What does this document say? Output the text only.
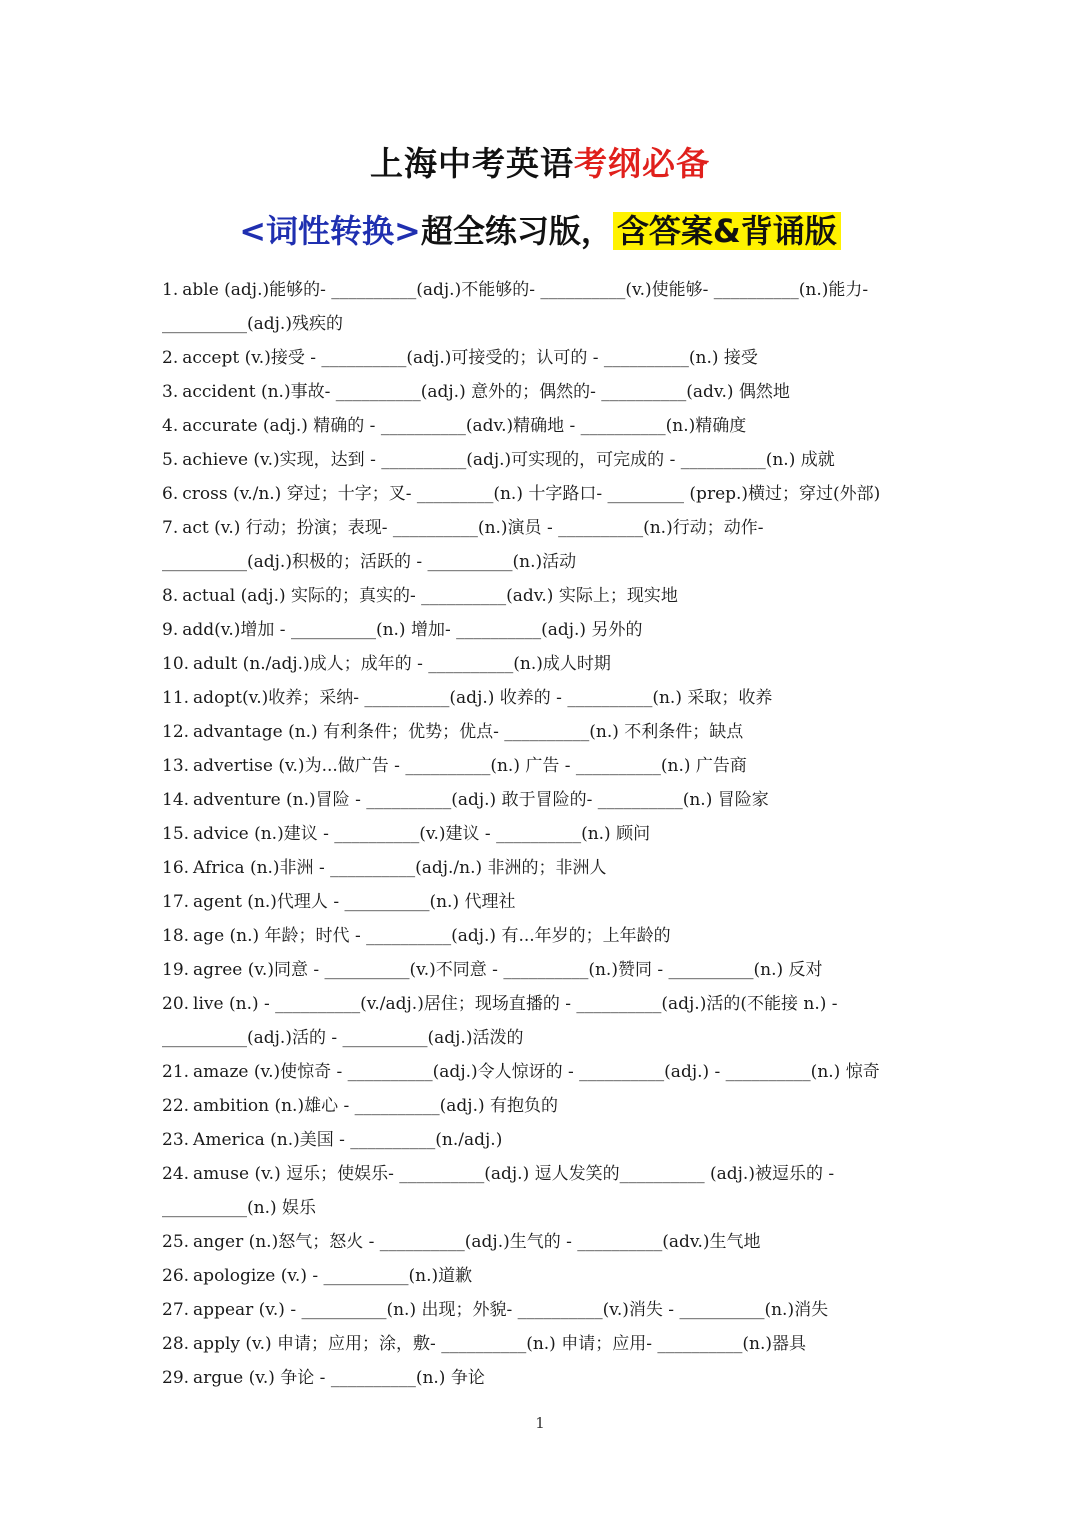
上海中考英语考纲必备
<词性转换>超全练习版， 含答案&背诵版
1. able (adj.)能够的- __________(adj.)不能够的- __________(v.)使能够- __________(n.)能力-
__________(adj.)残疾的
2. accept (v.)接受 - __________(adj.)可接受的；认可的 - __________(n.) 接受
3. accident (n.)事故- __________(adj.) 意外的；偶然的- __________(adv.) 偶然地
4. accurate (adj.) 精确的 - __________(adv.)精确地 - __________(n.)精确度
5. achieve (v.)实现，达到 - __________(adj.)可实现的，可完成的 - __________(n.) 成就
6. cross (v./n.) 穿过；十字；叉- _________(n.) 十字路口- _________ (prep.)横过；穿过(外部)
7. act (v.) 行动；扮演；表现- __________(n.)演员 - __________(n.)行动；动作-
__________(adj.)积极的；活跃的 - __________(n.)活动
8. actual (adj.) 实际的；真实的- __________(adv.) 实际上；现实地
9. add(v.)增加 - __________(n.) 增加- __________(adj.) 另外的
10. adult (n./adj.)成人；成年的 - __________(n.)成人时期
11. adopt(v.)收养；采纳- __________(adj.) 收养的 - __________(n.) 采取；收养
12. advantage (n.) 有利条件；优势；优点- __________(n.) 不利条件；缺点
13. advertise (v.)为...做广告 - __________(n.) 广告 - __________(n.) 广告商
14. adventure (n.)冒险 - __________(adj.) 敢于冒险的- __________(n.) 冒险家
15. advice (n.)建议 - __________(v.)建议 - __________(n.) 顾问
16. Africa (n.)非洲 - __________(adj./n.) 非洲的；非洲人
17. agent (n.)代理人 - __________(n.) 代理社
18. age (n.) 年龄；时代 - __________(adj.) 有...年岁的；上年龄的
19. agree (v.)同意 - __________(v.)不同意 - __________(n.)赞同 - __________(n.) 反对
20. live (n.) - __________(v./adj.)居住；现场直播的 - __________(adj.)活的(不能接 n.) -
__________(adj.)活的 - __________(adj.)活泼的
21. amaze (v.)使惊奇 - __________(adj.)令人惊讶的 - __________(adj.) - __________(n.) 惊奇
22. ambition (n.)雄心 - __________(adj.) 有抱负的
23. America (n.)美国 - __________(n./adj.)
24. amuse (v.) 逗乐；使娱乐- __________(adj.) 逗人发笑的__________ (adj.)被逗乐的 -
__________(n.) 娱乐
25. anger (n.)怒气；怒火 - __________(adj.)生气的 - __________(adv.)生气地
26. apologize (v.) - __________(n.)道歉
27. appear (v.) - __________(n.) 出现；外貌- __________(v.)消失 - __________(n.)消失
28. apply (v.) 申请；应用；涂，敷- __________(n.) 申请；应用- __________(n.)器具
29. argue (v.) 争论 - __________(n.) 争论
1
